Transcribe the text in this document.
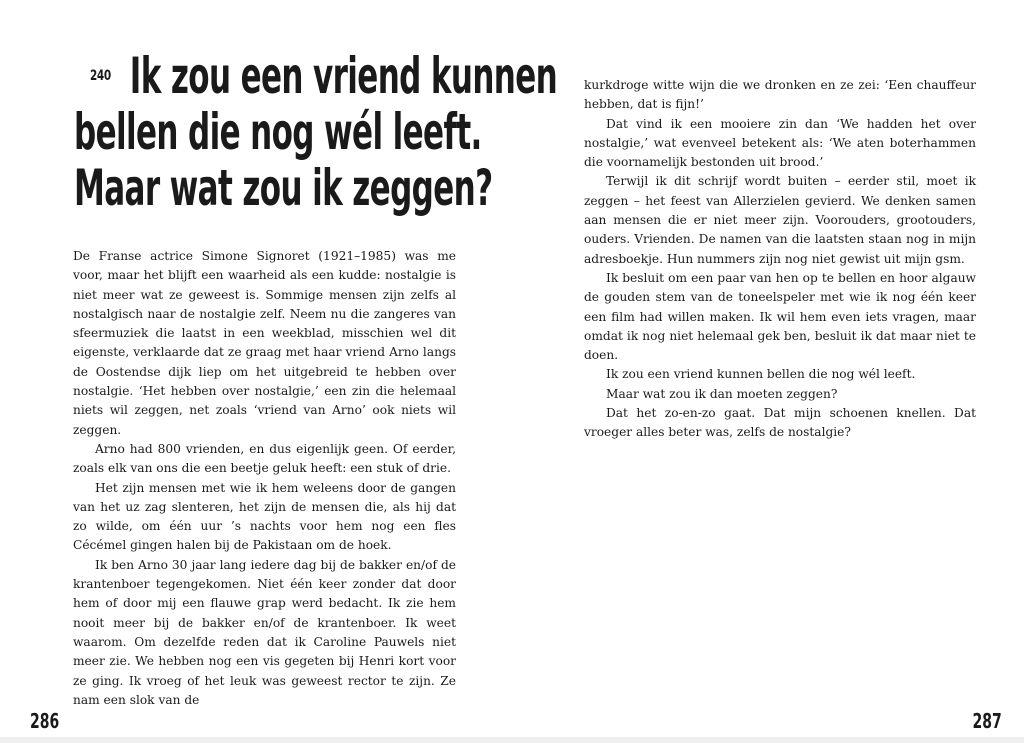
240 Ik zou een vriend kunnen
bellen die nog wél leeft.
Maar wat zou ik zeggen?

De Franse actrice Simone Signoret (1921–1985) was me voor, maar het blijft een waarheid als een kudde: nostalgie is niet meer wat ze geweest is. Sommige mensen zijn zelfs al nostalgisch naar de nostalgie zelf. Neem nu die zangeres van sfeermuziek die laatst in een weekblad, misschien wel dit eigenste, verklaarde dat ze graag met haar vriend Arno langs de Oostendse dijk liep om het uitgebreid te hebben over nostalgie. ‘Het hebben over nostalgie,’ een zin die helemaal niets wil zeggen, net zoals ‘vriend van Arno’ ook niets wil zeggen.

Arno had 800 vrienden, en dus eigenlijk geen. Of eerder, zoals elk van ons die een beetje geluk heeft: een stuk of drie.

Het zijn mensen met wie ik hem weleens door de gangen van het uz zag slenteren, het zijn de mensen die, als hij dat zo wilde, om één uur ’s nachts voor hem nog een fles Cécémel gingen halen bij de Pakistaan om de hoek.

Ik ben Arno 30 jaar lang iedere dag bij de bakker en/of de krantenboer tegengekomen. Niet één keer zonder dat door hem of door mij een flauwe grap werd bedacht. Ik zie hem nooit meer bij de bakker en/of de krantenboer. Ik weet waarom. Om dezelfde reden dat ik Caroline Pauwels niet meer zie. We hebben nog een vis gegeten bij Henri kort voor ze ging. Ik vroeg of het leuk was geweest rector te zijn. Ze nam een slok van de

286

kurkdroge witte wijn die we dronken en ze zei: ‘Een chauffeur hebben, dat is fijn!’

Dat vind ik een mooiere zin dan ‘We hadden het over nostalgie,’ wat evenveel betekent als: ‘We aten boterhammen die voornamelijk bestonden uit brood.’

Terwijl ik dit schrijf wordt buiten – eerder stil, moet ik zeggen – het feest van Allerzielen gevierd. We denken samen aan mensen die er niet meer zijn. Voorouders, grootouders, ouders. Vrienden. De namen van die laatsten staan nog in mijn adresboekje. Hun nummers zijn nog niet gewist uit mijn gsm.

Ik besluit om een paar van hen op te bellen en hoor algauw de gouden stem van de toneelspeler met wie ik nog één keer een film had willen maken. Ik wil hem even iets vragen, maar omdat ik nog niet helemaal gek ben, besluit ik dat maar niet te doen.

Ik zou een vriend kunnen bellen die nog wél leeft.

Maar wat zou ik dan moeten zeggen?

Dat het zo-en-zo gaat. Dat mijn schoenen knellen. Dat vroeger alles beter was, zelfs de nostalgie?

287
